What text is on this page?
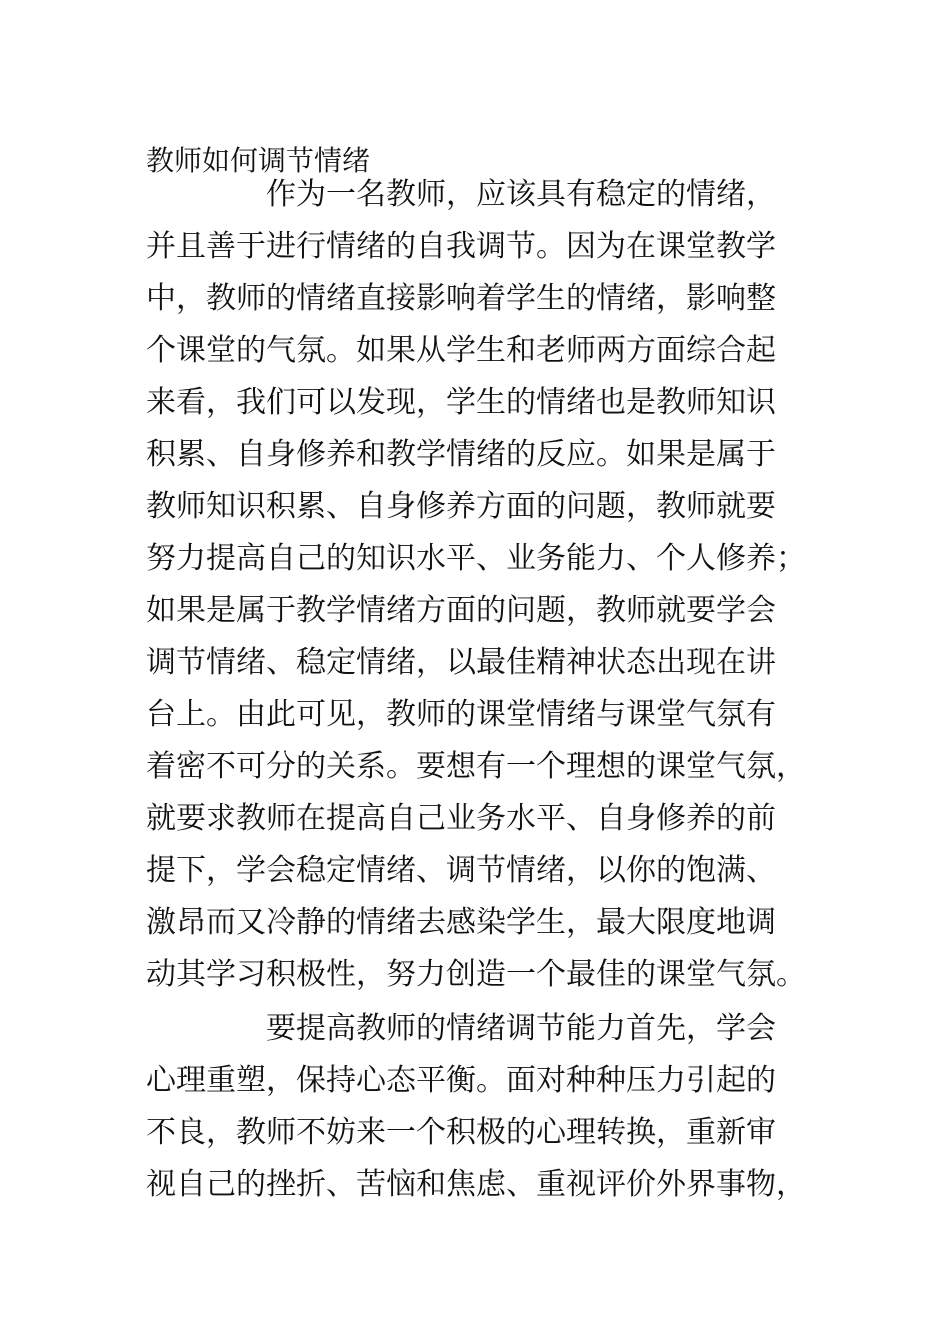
教师如何调节情绪
作为一名教师，应该具有稳定的情绪，
并且善于进行情绪的自我调节。因为在课堂教学
中，教师的情绪直接影响着学生的情绪，影响整
个课堂的气氛。如果从学生和老师两方面综合起
来看，我们可以发现，学生的情绪也是教师知识
积累、自身修养和教学情绪的反应。如果是属于
教师知识积累、自身修养方面的问题，教师就要
努力提高自己的知识水平、业务能力、个人修养；
如果是属于教学情绪方面的问题，教师就要学会
调节情绪、稳定情绪，以最佳精神状态出现在讲
台上。由此可见，教师的课堂情绪与课堂气氛有
着密不可分的关系。要想有一个理想的课堂气氛，
就要求教师在提高自己业务水平、自身修养的前
提下，学会稳定情绪、调节情绪，以你的饱满、
激昂而又冷静的情绪去感染学生，最大限度地调
动其学习积极性，努力创造一个最佳的课堂气氛。
要提高教师的情绪调节能力首先，学会
心理重塑，保持心态平衡。面对种种压力引起的
不良，教师不妨来一个积极的心理转换，重新审
视自己的挫折、苦恼和焦虑、重视评价外界事物，
